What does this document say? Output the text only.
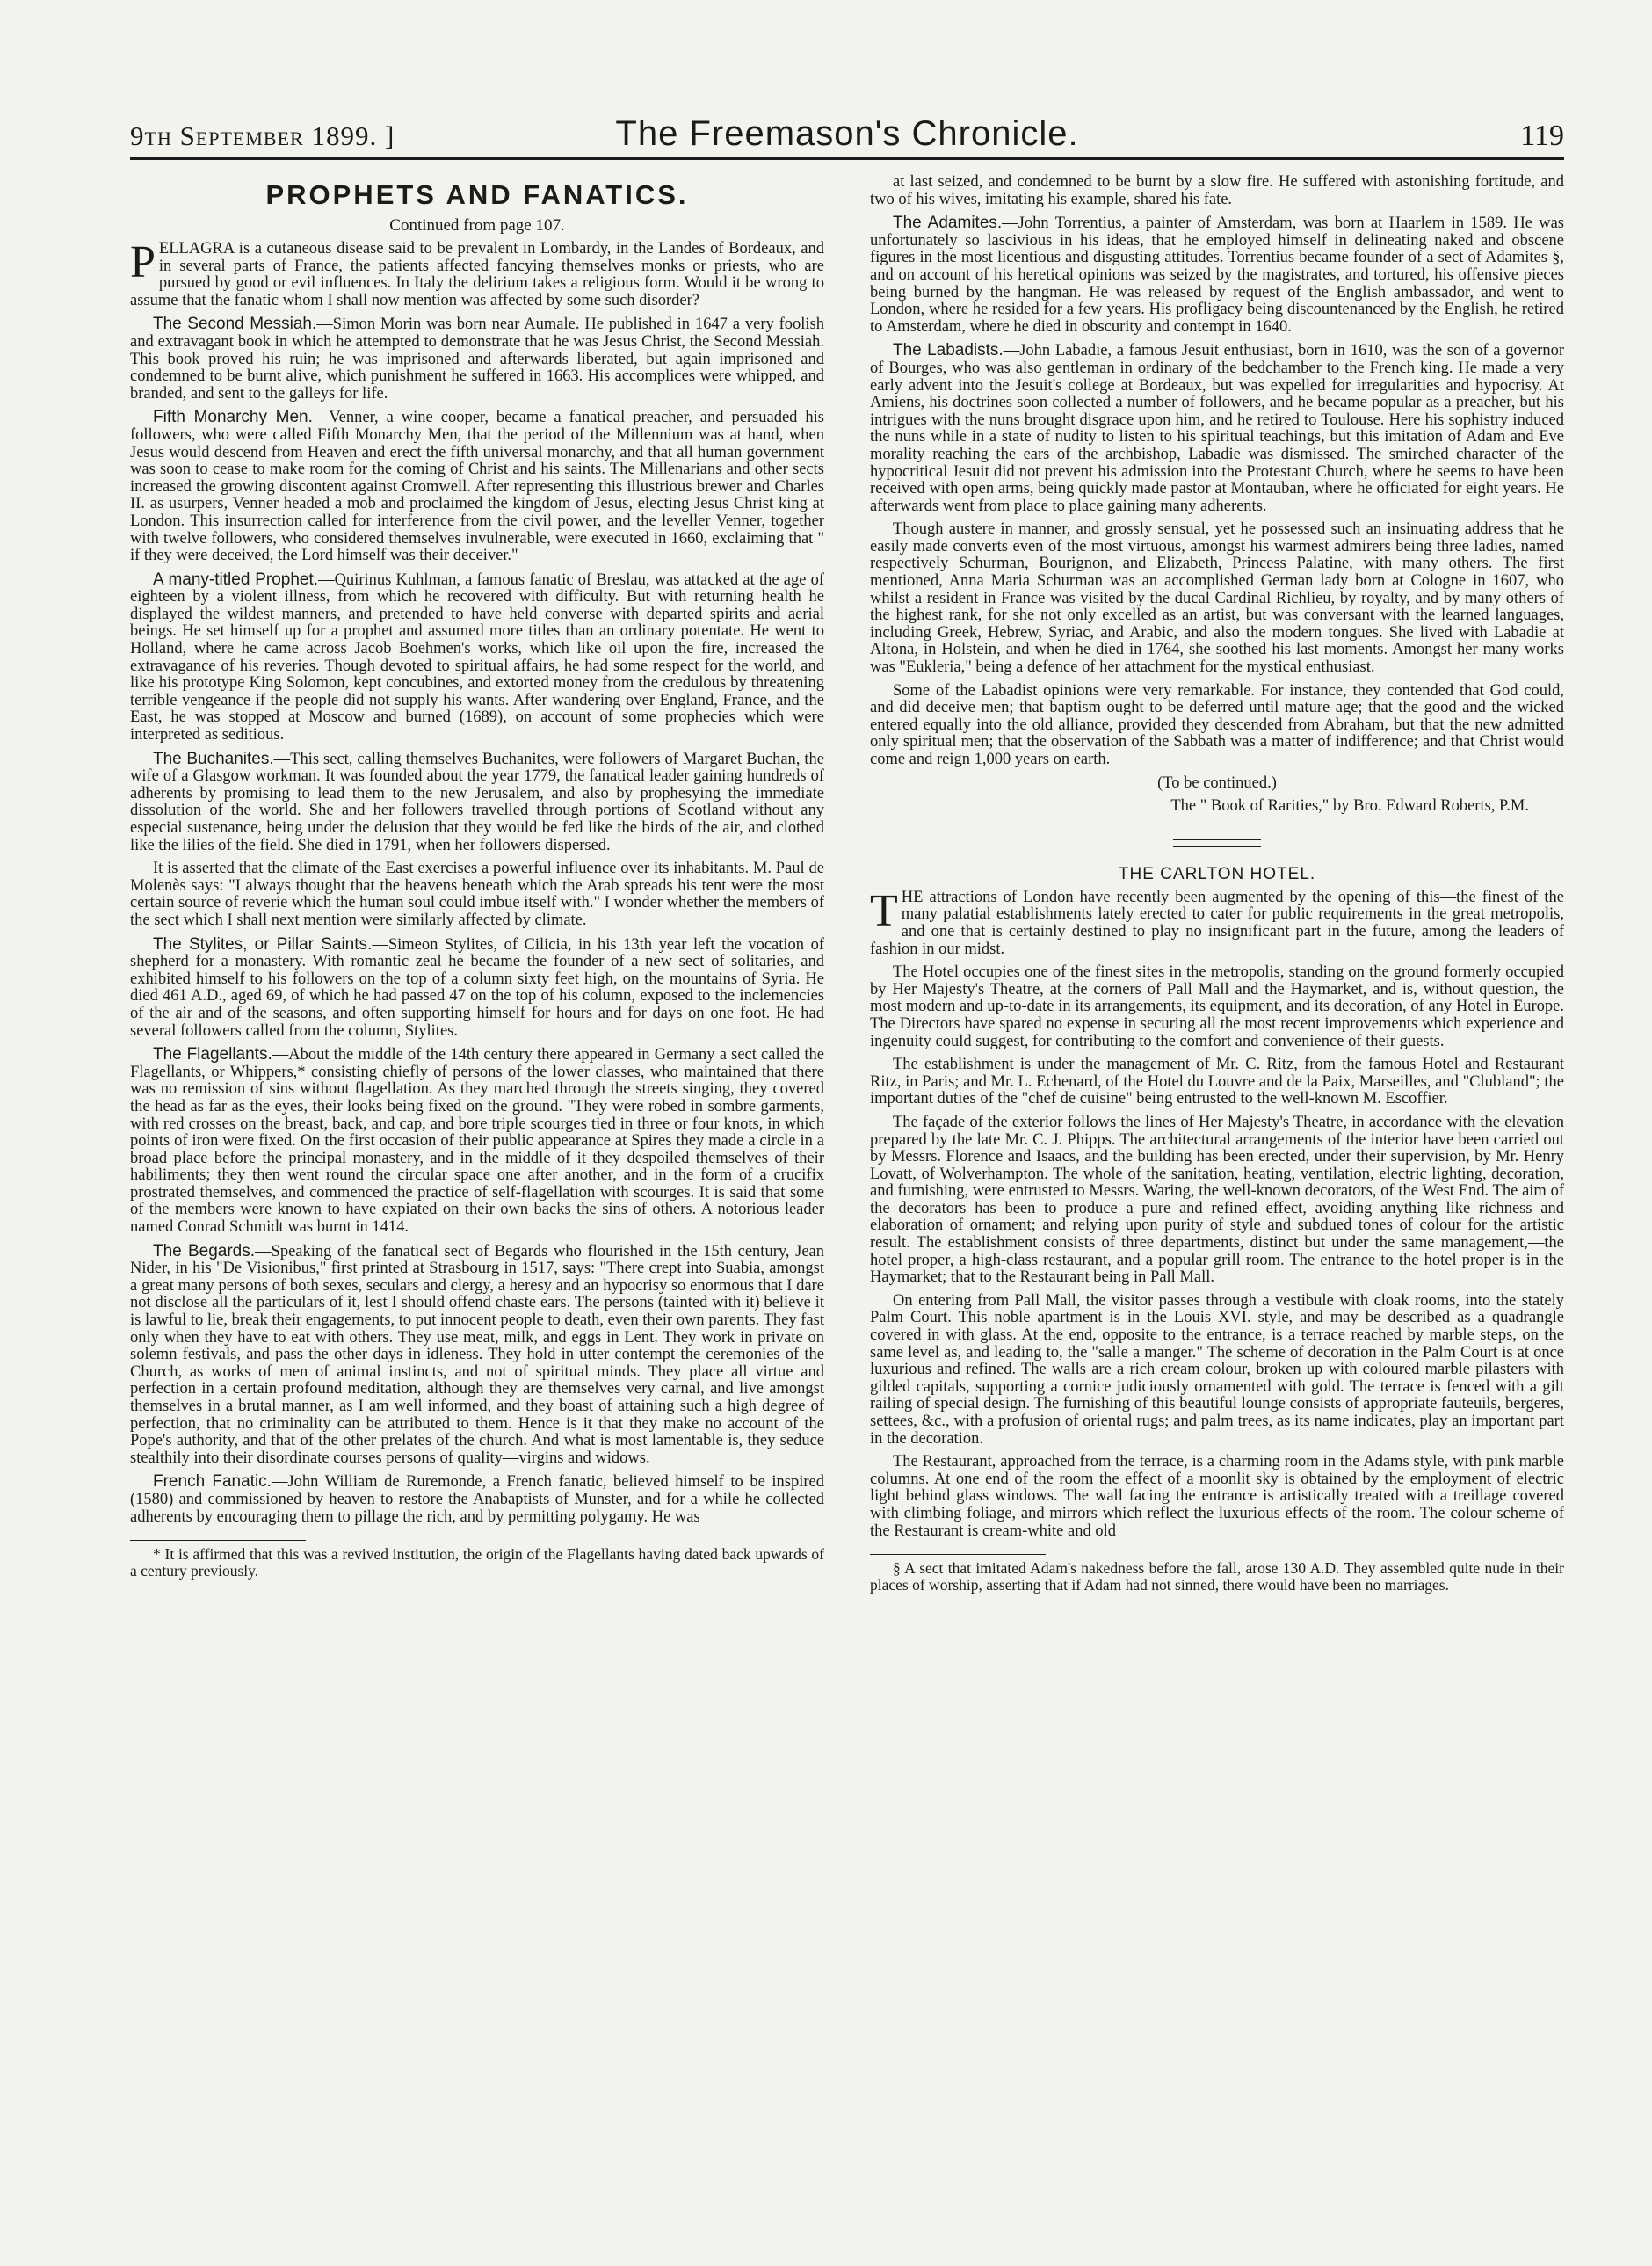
9th September 1899. ]	The Freemason's Chronicle.	119
PROPHETS AND FANATICS.
Continued from page 107.

PELLAGRA is a cutaneous disease said to be prevalent in Lombardy, in the Landes of Bordeaux, and in several parts of France, the patients affected fancying themselves monks or priests, who are pursued by good or evil influences. In Italy the delirium takes a religious form. Would it be wrong to assume that the fanatic whom I shall now mention was affected by some such disorder?

The Second Messiah.—Simon Morin was born near Aumale. He published in 1647 a very foolish and extravagant book in which he attempted to demonstrate that he was Jesus Christ, the Second Messiah. This book proved his ruin; he was imprisoned and afterwards liberated, but again imprisoned and condemned to be burnt alive, which punishment he suffered in 1663. His accomplices were whipped, and branded, and sent to the galleys for life.

Fifth Monarchy Men.—Venner, a wine cooper, became a fanatical preacher, and persuaded his followers, who were called Fifth Monarchy Men, that the period of the Millennium was at hand, when Jesus would descend from Heaven and erect the fifth universal monarchy, and that all human government was soon to cease to make room for the coming of Christ and his saints. The Millenarians and other sects increased the growing discontent against Cromwell. After representing this illustrious brewer and Charles II. as usurpers, Venner headed a mob and proclaimed the kingdom of Jesus, electing Jesus Christ king at London. This insurrection called for interference from the civil power, and the leveller Venner, together with twelve followers, who considered themselves invulnerable, were executed in 1660, exclaiming that " if they were deceived, the Lord himself was their deceiver."

A many-titled Prophet.—Quirinus Kuhlman, a famous fanatic of Breslau, was attacked at the age of eighteen by a violent illness, from which he recovered with difficulty. But with returning health he displayed the wildest manners, and pretended to have held converse with departed spirits and aerial beings. He set himself up for a prophet and assumed more titles than an ordinary potentate. He went to Holland, where he came across Jacob Boehmen's works, which like oil upon the fire, increased the extravagance of his reveries. Though devoted to spiritual affairs, he had some respect for the world, and like his prototype King Solomon, kept concubines, and extorted money from the credulous by threatening terrible vengeance if the people did not supply his wants. After wandering over England, France, and the East, he was stopped at Moscow and burned (1689), on account of some prophecies which were interpreted as seditious.

The Buchanites.—This sect, calling themselves Buchanites, were followers of Margaret Buchan, the wife of a Glasgow workman. It was founded about the year 1779, the fanatical leader gaining hundreds of adherents by promising to lead them to the new Jerusalem, and also by prophesying the immediate dissolution of the world. She and her followers travelled through portions of Scotland without any especial sustenance, being under the delusion that they would be fed like the birds of the air, and clothed like the lilies of the field. She died in 1791, when her followers dispersed.

It is asserted that the climate of the East exercises a powerful influence over its inhabitants. M. Paul de Molenès says: "I always thought that the heavens beneath which the Arab spreads his tent were the most certain source of reverie which the human soul could imbue itself with." I wonder whether the members of the sect which I shall next mention were similarly affected by climate.

The Stylites, or Pillar Saints.—Simeon Stylites, of Cilicia, in his 13th year left the vocation of shepherd for a monastery. With romantic zeal he became the founder of a new sect of solitaries, and exhibited himself to his followers on the top of a column sixty feet high, on the mountains of Syria. He died 461 A.D., aged 69, of which he had passed 47 on the top of his column, exposed to the inclemencies of the air and of the seasons, and often supporting himself for hours and for days on one foot. He had several followers called from the column, Stylites.

The Flagellants.—About the middle of the 14th century there appeared in Germany a sect called the Flagellants, or Whippers,* consisting chiefly of persons of the lower classes, who maintained that there was no remission of sins without flagellation. As they marched through the streets singing, they covered the head as far as the eyes, their looks being fixed on the ground. "They were robed in sombre garments, with red crosses on the breast, back, and cap, and bore triple scourges tied in three or four knots, in which points of iron were fixed. On the first occasion of their public appearance at Spires they made a circle in a broad place before the principal monastery, and in the middle of it they despoiled themselves of their habiliments; they then went round the circular space one after another, and in the form of a crucifix prostrated themselves, and commenced the practice of self-flagellation with scourges. It is said that some of the members were known to have expiated on their own backs the sins of others. A notorious leader named Conrad Schmidt was burnt in 1414.

The Begards.—Speaking of the fanatical sect of Begards who flourished in the 15th century, Jean Nider, in his "De Visionibus," first printed at Strasbourg in 1517, says: "There crept into Suabia, amongst a great many persons of both sexes, seculars and clergy, a heresy and an hypocrisy so enormous that I dare not disclose all the particulars of it, lest I should offend chaste ears. The persons (tainted with it) believe it is lawful to lie, break their engagements, to put innocent people to death, even their own parents. They fast only when they have to eat with others. They use meat, milk, and eggs in Lent. They work in private on solemn festivals, and pass the other days in idleness. They hold in utter contempt the ceremonies of the Church, as works of men of animal instincts, and not of spiritual minds. They place all virtue and perfection in a certain profound meditation, although they are themselves very carnal, and live amongst themselves in a brutal manner, as I am well informed, and they boast of attaining such a high degree of perfection, that no criminality can be attributed to them. Hence is it that they make no account of the Pope's authority, and that of the other prelates of the church. And what is most lamentable is, they seduce stealthily into their disordinate courses persons of quality—virgins and widows.

French Fanatic.—John William de Ruremonde, a French fanatic, believed himself to be inspired (1580) and commissioned by heaven to restore the Anabaptists of Munster, and for a while he collected adherents by encouraging them to pillage the rich, and by permitting polygamy. He was

* It is affirmed that this was a revived institution, the origin of the Flagellants having dated back upwards of a century previously.

at last seized, and condemned to be burnt by a slow fire. He suffered with astonishing fortitude, and two of his wives, imitating his example, shared his fate.

The Adamites.—John Torrentius, a painter of Amsterdam, was born at Haarlem in 1589. He was unfortunately so lascivious in his ideas, that he employed himself in delineating naked and obscene figures in the most licentious and disgusting attitudes. Torrentius became founder of a sect of Adamites §, and on account of his heretical opinions was seized by the magistrates, and tortured, his offensive pieces being burned by the hangman. He was released by request of the English ambassador, and went to London, where he resided for a few years. His profligacy being discountenanced by the English, he retired to Amsterdam, where he died in obscurity and contempt in 1640.

The Labadists.—John Labadie, a famous Jesuit enthusiast, born in 1610, was the son of a governor of Bourges, who was also gentleman in ordinary of the bedchamber to the French king. He made a very early advent into the Jesuit's college at Bordeaux, but was expelled for irregularities and hypocrisy. At Amiens, his doctrines soon collected a number of followers, and he became popular as a preacher, but his intrigues with the nuns brought disgrace upon him, and he retired to Toulouse. Here his sophistry induced the nuns while in a state of nudity to listen to his spiritual teachings, but this imitation of Adam and Eve morality reaching the ears of the archbishop, Labadie was dismissed. The smirched character of the hypocritical Jesuit did not prevent his admission into the Protestant Church, where he seems to have been received with open arms, being quickly made pastor at Montauban, where he officiated for eight years. He afterwards went from place to place gaining many adherents.

Though austere in manner, and grossly sensual, yet he possessed such an insinuating address that he easily made converts even of the most virtuous, amongst his warmest admirers being three ladies, named respectively Schurman, Bourignon, and Elizabeth, Princess Palatine, with many others. The first mentioned, Anna Maria Schurman was an accomplished German lady born at Cologne in 1607, who whilst a resident in France was visited by the ducal Cardinal Richlieu, by royalty, and by many others of the highest rank, for she not only excelled as an artist, but was conversant with the learned languages, including Greek, Hebrew, Syriac, and Arabic, and also the modern tongues. She lived with Labadie at Altona, in Holstein, and when he died in 1764, she soothed his last moments. Amongst her many works was "Eukleria," being a defence of her attachment for the mystical enthusiast.

Some of the Labadist opinions were very remarkable. For instance, they contended that God could, and did deceive men; that baptism ought to be deferred until mature age; that the good and the wicked entered equally into the old alliance, provided they descended from Abraham, but that the new admitted only spiritual men; that the observation of the Sabbath was a matter of indifference; and that Christ would come and reign 1,000 years on earth.

(To be continued.)

The " Book of Rarities," by Bro. Edward Roberts, P.M.

THE CARLTON HOTEL.

THE attractions of London have recently been augmented by the opening of this—the finest of the many palatial establishments lately erected to cater for public requirements in the great metropolis, and one that is certainly destined to play no insignificant part in the future, among the leaders of fashion in our midst.

The Hotel occupies one of the finest sites in the metropolis, standing on the ground formerly occupied by Her Majesty's Theatre, at the corners of Pall Mall and the Haymarket, and is, without question, the most modern and up-to-date in its arrangements, its equipment, and its decoration, of any Hotel in Europe. The Directors have spared no expense in securing all the most recent improvements which experience and ingenuity could suggest, for contributing to the comfort and convenience of their guests.

The establishment is under the management of Mr. C. Ritz, from the famous Hotel and Restaurant Ritz, in Paris; and Mr. L. Echenard, of the Hotel du Louvre and de la Paix, Marseilles, and "Clubland"; the important duties of the "chef de cuisine" being entrusted to the well-known M. Escoffier.

The façade of the exterior follows the lines of Her Majesty's Theatre, in accordance with the elevation prepared by the late Mr. C. J. Phipps. The architectural arrangements of the interior have been carried out by Messrs. Florence and Isaacs, and the building has been erected, under their supervision, by Mr. Henry Lovatt, of Wolverhampton. The whole of the sanitation, heating, ventilation, electric lighting, decoration, and furnishing, were entrusted to Messrs. Waring, the well-known decorators, of the West End. The aim of the decorators has been to produce a pure and refined effect, avoiding anything like richness and elaboration of ornament; and relying upon purity of style and subdued tones of colour for the artistic result. The establishment consists of three departments, distinct but under the same management,—the hotel proper, a high-class restaurant, and a popular grill room. The entrance to the hotel proper is in the Haymarket; that to the Restaurant being in Pall Mall.

On entering from Pall Mall, the visitor passes through a vestibule with cloak rooms, into the stately Palm Court. This noble apartment is in the Louis XVI. style, and may be described as a quadrangle covered in with glass. At the end, opposite to the entrance, is a terrace reached by marble steps, on the same level as, and leading to, the "salle a manger." The scheme of decoration in the Palm Court is at once luxurious and refined. The walls are a rich cream colour, broken up with coloured marble pilasters with gilded capitals, supporting a cornice judiciously ornamented with gold. The terrace is fenced with a gilt railing of special design. The furnishing of this beautiful lounge consists of appropriate fauteuils, bergeres, settees, &c., with a profusion of oriental rugs; and palm trees, as its name indicates, play an important part in the decoration.

The Restaurant, approached from the terrace, is a charming room in the Adams style, with pink marble columns. At one end of the room the effect of a moonlit sky is obtained by the employment of electric light behind glass windows. The wall facing the entrance is artistically treated with a treillage covered with climbing foliage, and mirrors which reflect the luxurious effects of the room. The colour scheme of the Restaurant is cream-white and old

§ A sect that imitated Adam's nakedness before the fall, arose 130 A.D. They assembled quite nude in their places of worship, asserting that if Adam had not sinned, there would have been no marriages.
